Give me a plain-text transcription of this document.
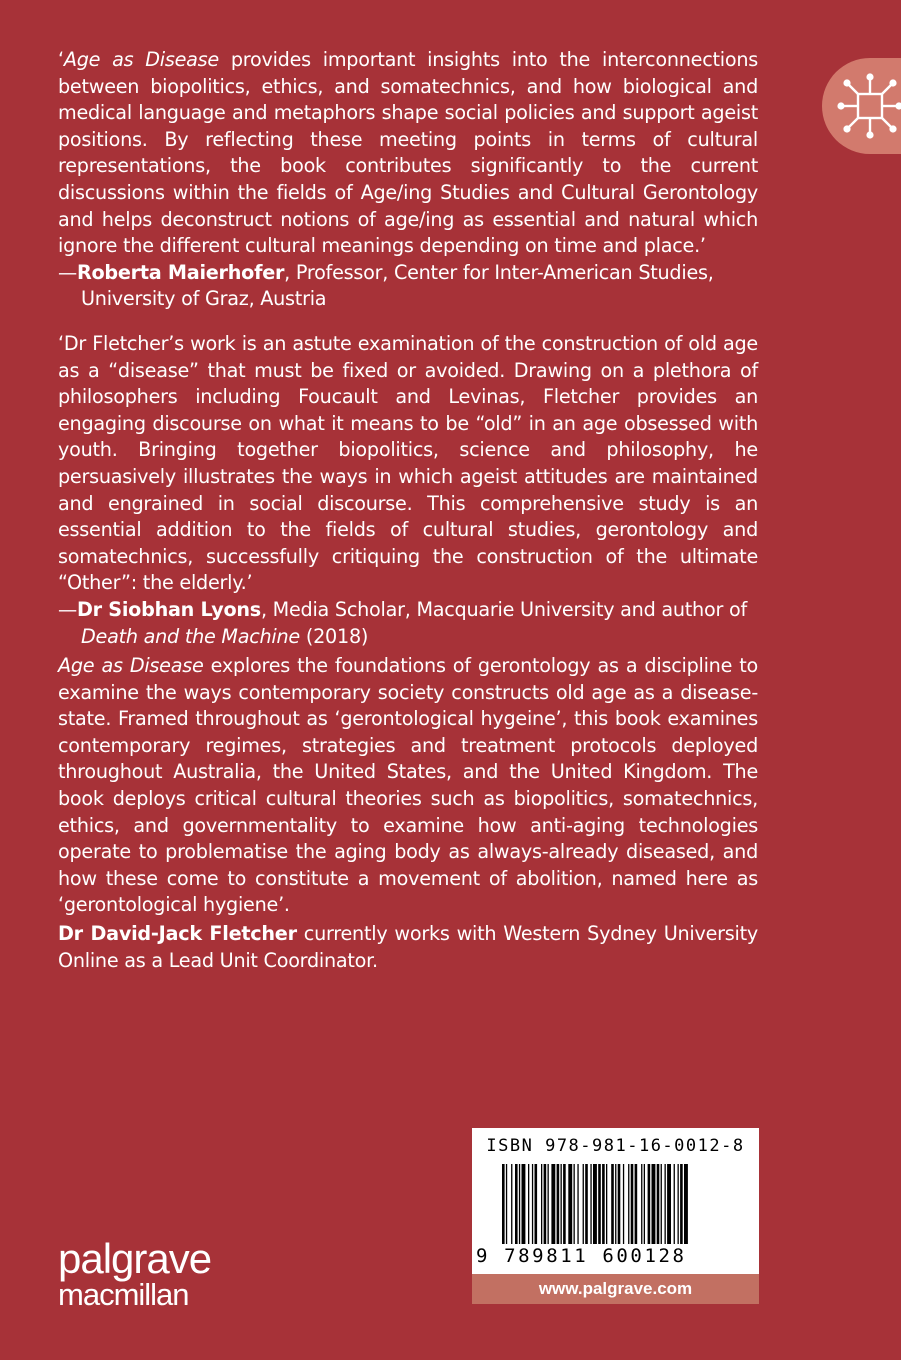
‘Age as Disease provides important insights into the interconnections between biopolitics, ethics, and somatechnics, and how biological and medical language and metaphors shape social policies and support ageist positions. By reflecting these meeting points in terms of cultural representations, the book contributes significantly to the current discussions within the fields of Age/ing Studies and Cultural Gerontology and helps deconstruct notions of age/ing as essential and natural which ignore the different cultural meanings depending on time and place.’

—Roberta Maierhofer, Professor, Center for Inter-American Studies,
University of Graz, Austria

‘Dr Fletcher’s work is an astute examination of the construction of old age as a “disease” that must be fixed or avoided. Drawing on a plethora of philosophers including Foucault and Levinas, Fletcher provides an engaging discourse on what it means to be “old” in an age obsessed with youth. Bringing together biopolitics, science and philosophy, he persuasively illustrates the ways in which ageist attitudes are maintained and engrained in social discourse. This comprehensive study is an essential addition to the fields of cultural studies, gerontology and somatechnics, successfully critiquing the construction of the ultimate “Other”: the elderly.’

—Dr Siobhan Lyons, Media Scholar, Macquarie University and author of
Death and the Machine (2018)

Age as Disease explores the foundations of gerontology as a discipline to examine the ways contemporary society constructs old age as a disease-state. Framed throughout as ‘gerontological hygeine’, this book examines contemporary regimes, strategies and treatment protocols deployed throughout Australia, the United States, and the United Kingdom. The book deploys critical cultural theories such as biopolitics, somatechnics, ethics, and governmentality to examine how anti-aging technologies operate to problematise the aging body as always-already diseased, and how these come to constitute a movement of abolition, named here as ‘gerontological hygiene’.

Dr David-Jack Fletcher currently works with Western Sydney University Online as a Lead Unit Coordinator.

palgrave
macmillan
ISBN 978-981-16-0012-8
9 789811 600128
www.palgrave.com
